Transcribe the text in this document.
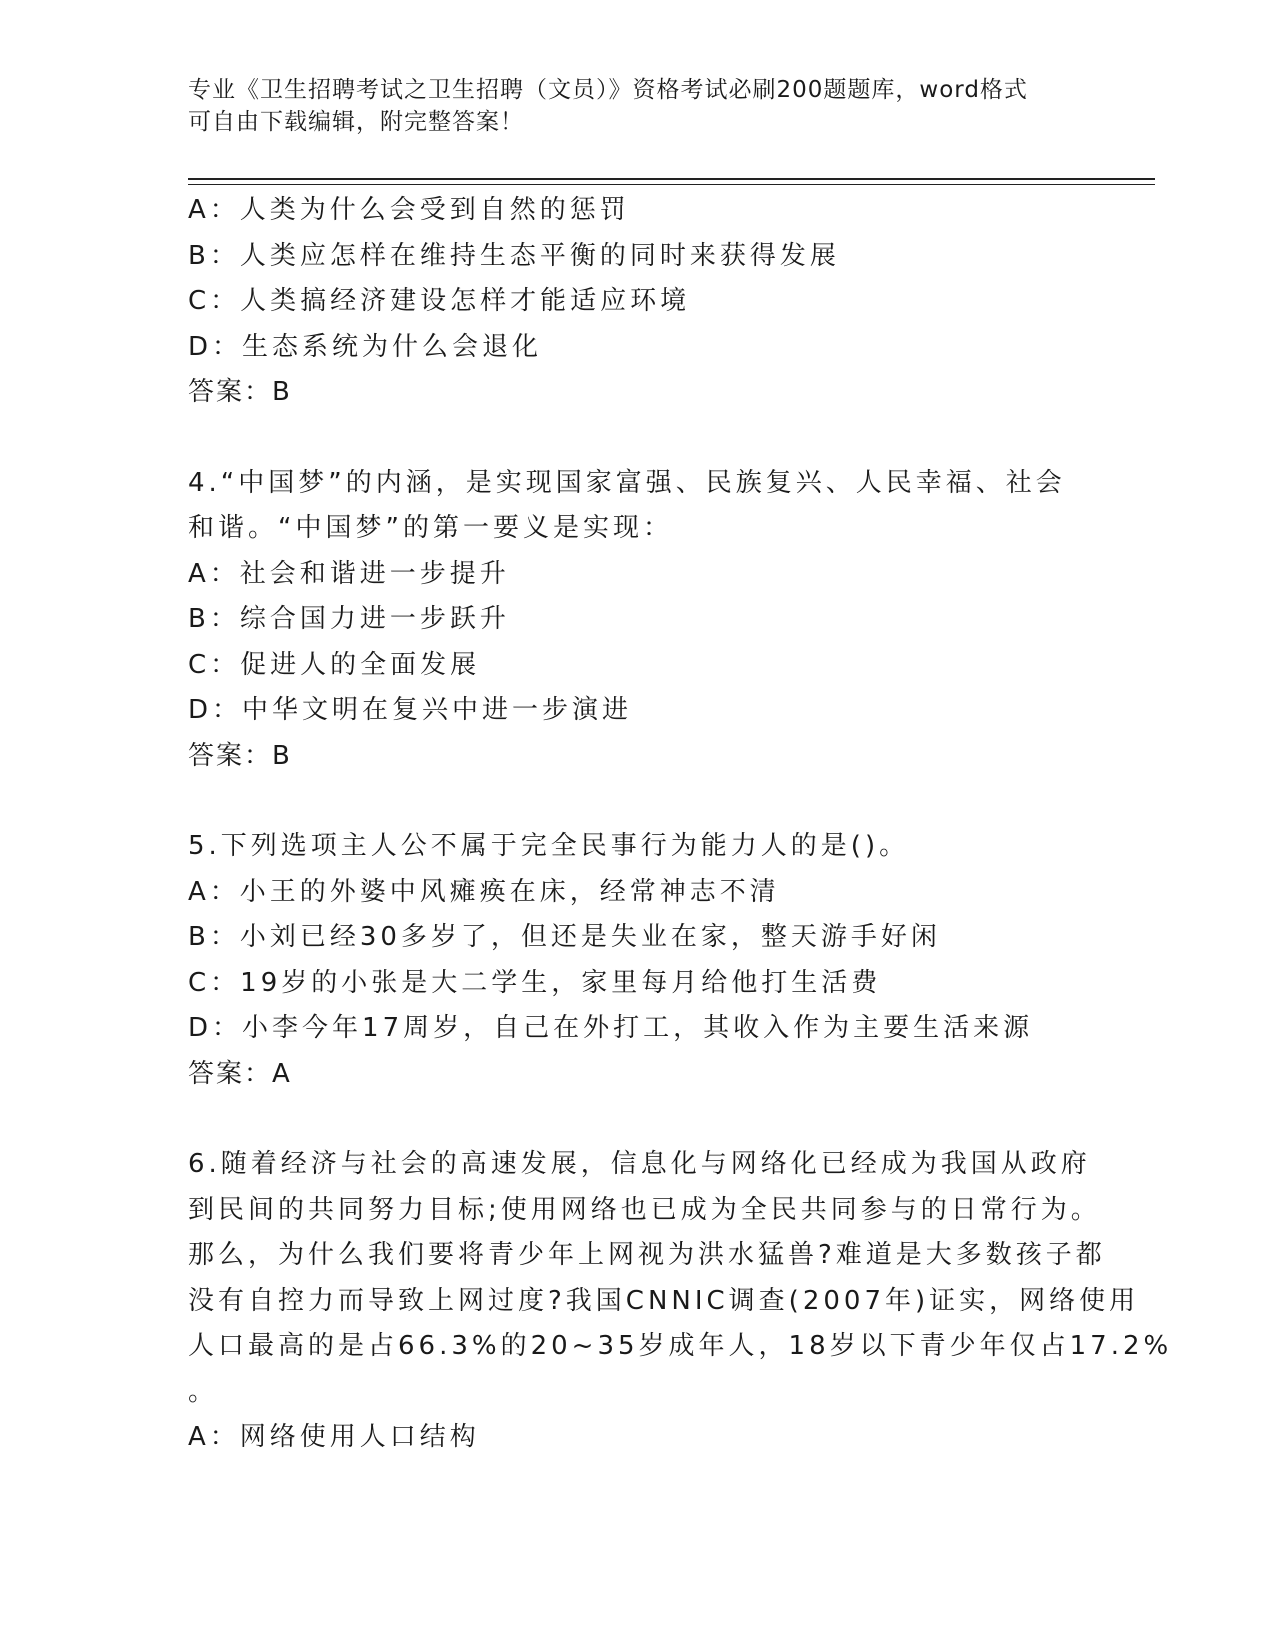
专业《卫生招聘考试之卫生招聘（文员）》资格考试必刷200题题库，word格式
可自由下载编辑，附完整答案！
A：人类为什么会受到自然的惩罚
B：人类应怎样在维持生态平衡的同时来获得发展
C：人类搞经济建设怎样才能适应环境
D：生态系统为什么会退化
答案：B
4.“中国梦”的内涵，是实现国家富强、民族复兴、人民幸福、社会
和谐。“中国梦”的第一要义是实现：
A：社会和谐进一步提升
B：综合国力进一步跃升
C：促进人的全面发展
D：中华文明在复兴中进一步演进
答案：B
5.下列选项主人公不属于完全民事行为能力人的是()。
A：小王的外婆中风瘫痪在床，经常神志不清
B：小刘已经30多岁了，但还是失业在家，整天游手好闲
C：19岁的小张是大二学生，家里每月给他打生活费
D：小李今年17周岁，自己在外打工，其收入作为主要生活来源
答案：A
6.随着经济与社会的高速发展，信息化与网络化已经成为我国从政府
到民间的共同努力目标;使用网络也已成为全民共同参与的日常行为。
那么，为什么我们要将青少年上网视为洪水猛兽?难道是大多数孩子都
没有自控力而导致上网过度?我国CNNIC调查(2007年)证实，网络使用
人口最高的是占66.3%的20~35岁成年人，18岁以下青少年仅占17.2%
。
A：网络使用人口结构
